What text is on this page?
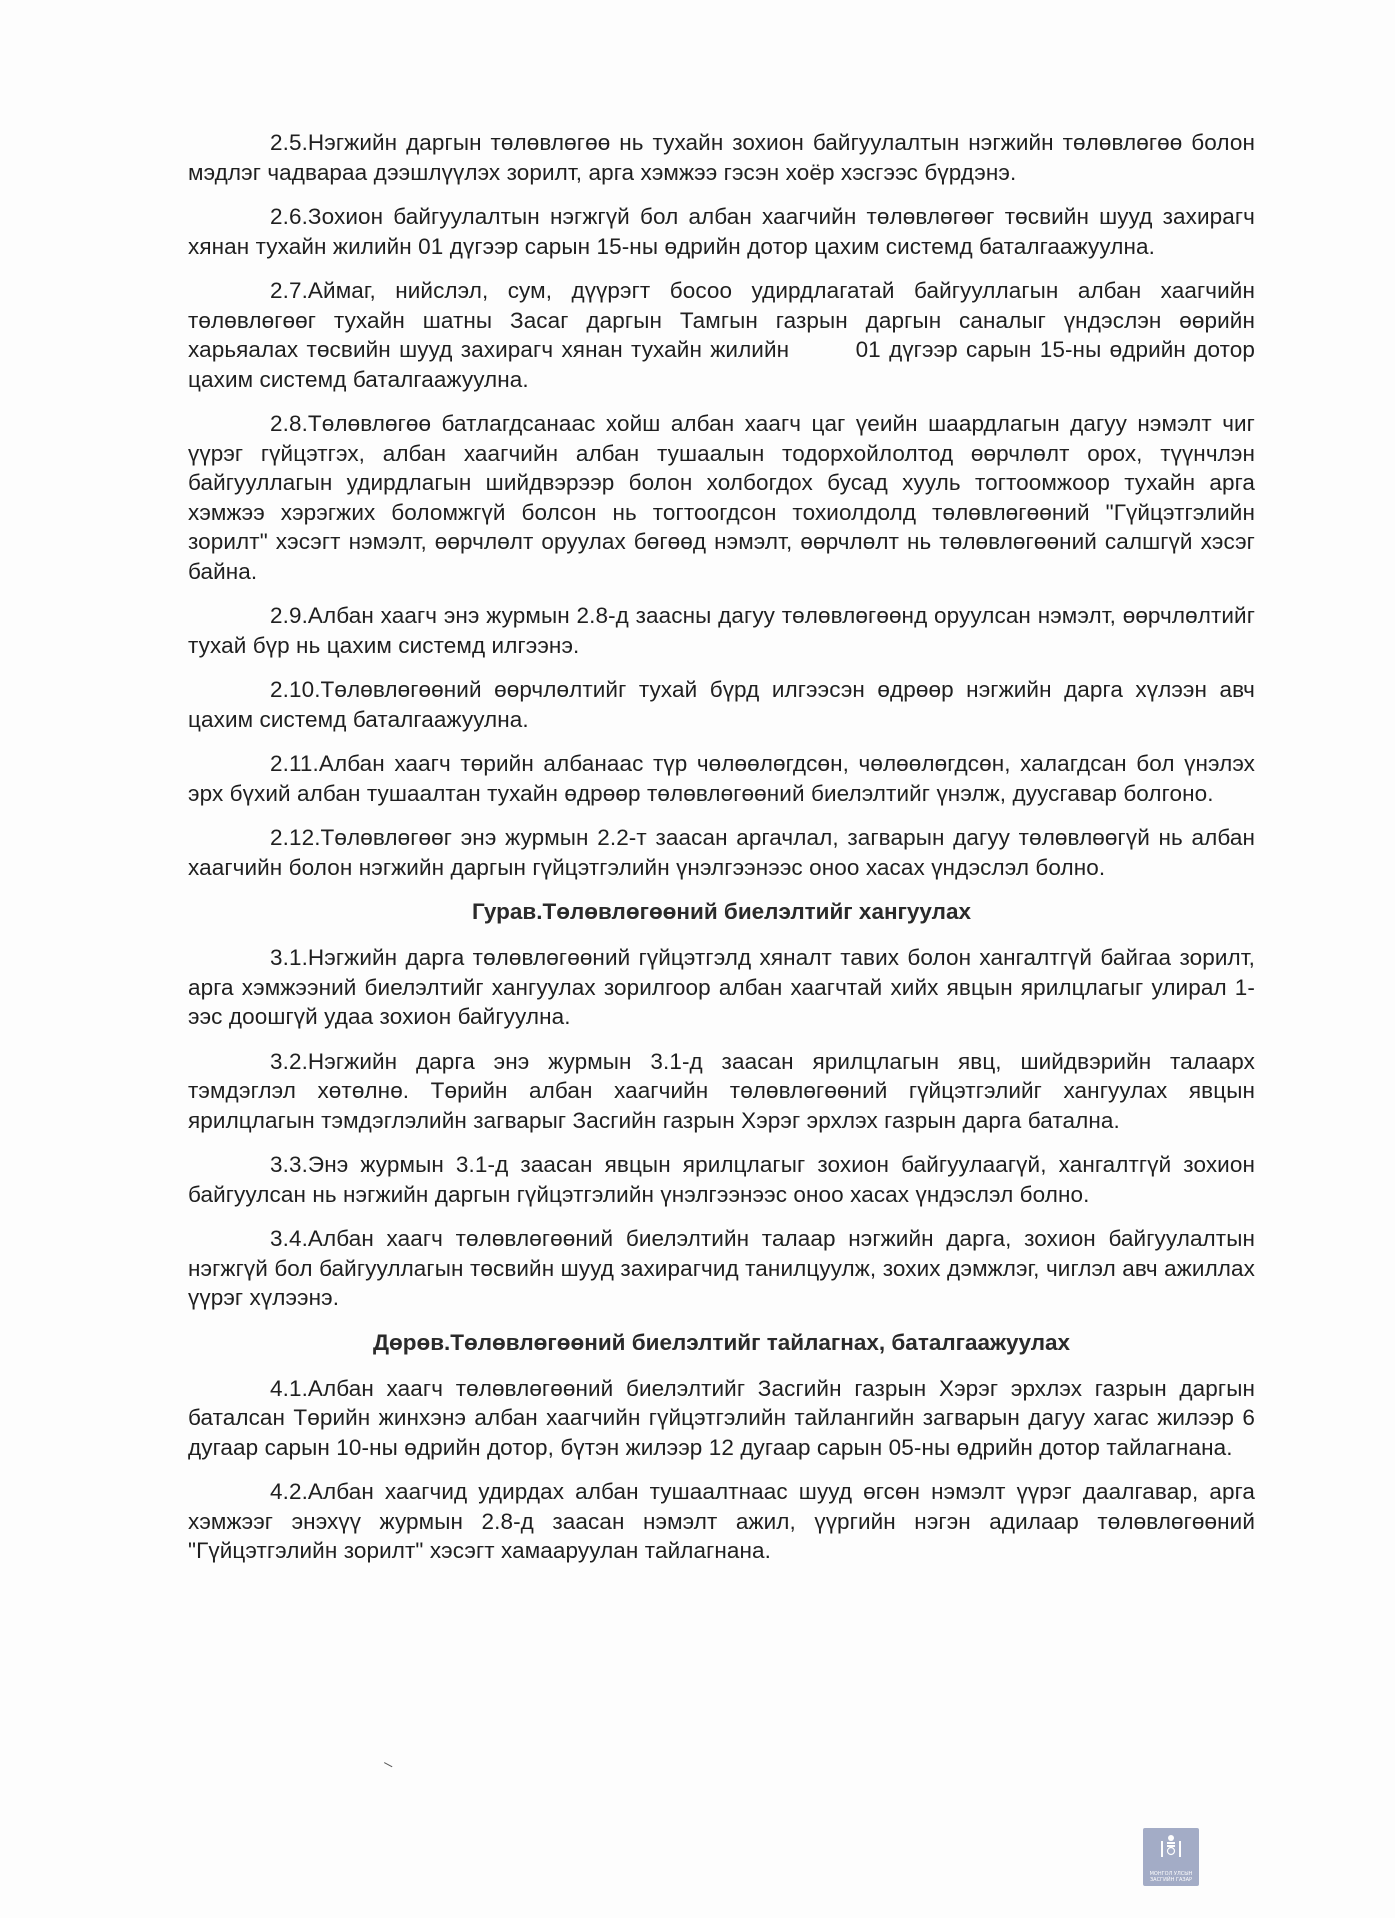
2.5.Нэгжийн даргын төлөвлөгөө нь тухайн зохион байгуулалтын нэгжийн төлөвлөгөө болон мэдлэг чадвараа дээшлүүлэх зорилт, арга хэмжээ гэсэн хоёр хэсгээс бүрдэнэ.

2.6.Зохион байгуулалтын нэгжгүй бол албан хаагчийн төлөвлөгөөг төсвийн шууд захирагч хянан тухайн жилийн 01 дүгээр сарын 15-ны өдрийн дотор цахим системд баталгаажуулна.

2.7.Аймаг, нийслэл, сум, дүүрэгт босоо удирдлагатай байгууллагын албан хаагчийн төлөвлөгөөг тухайн шатны Засаг даргын Тамгын газрын даргын саналыг үндэслэн өөрийн харьяалах төсвийн шууд захирагч хянан тухайн жилийн        01 дүгээр сарын 15-ны өдрийн дотор цахим системд баталгаажуулна.

2.8.Төлөвлөгөө батлагдсанаас хойш албан хаагч цаг үеийн шаардлагын дагуу нэмэлт чиг үүрэг гүйцэтгэх, албан хаагчийн албан тушаалын тодорхойлолтод өөрчлөлт орох, түүнчлэн байгууллагын удирдлагын шийдвэрээр болон холбогдох бусад хууль тогтоомжоор тухайн арга хэмжээ хэрэгжих боломжгүй болсон нь тогтоогдсон тохиолдолд төлөвлөгөөний "Гүйцэтгэлийн зорилт" хэсэгт нэмэлт, өөрчлөлт оруулах бөгөөд нэмэлт, өөрчлөлт нь төлөвлөгөөний салшгүй хэсэг байна.

2.9.Албан хаагч энэ журмын 2.8-д заасны дагуу төлөвлөгөөнд оруулсан нэмэлт, өөрчлөлтийг тухай бүр нь цахим системд илгээнэ.

2.10.Төлөвлөгөөний өөрчлөлтийг тухай бүрд илгээсэн өдрөөр нэгжийн дарга хүлээн авч цахим системд баталгаажуулна.

2.11.Албан хаагч төрийн албанаас түр чөлөөлөгдсөн, чөлөөлөгдсөн, халагдсан бол үнэлэх эрх бүхий албан тушаалтан тухайн өдрөөр төлөвлөгөөний биелэлтийг үнэлж, дуусгавар болгоно.

2.12.Төлөвлөгөөг энэ журмын 2.2-т заасан аргачлал, загварын дагуу төлөвлөөгүй нь албан хаагчийн болон нэгжийн даргын гүйцэтгэлийн үнэлгээнээс оноо хасах үндэслэл болно.

Гурав.Төлөвлөгөөний биелэлтийг хангуулах

3.1.Нэгжийн дарга төлөвлөгөөний гүйцэтгэлд хяналт тавих болон хангалтгүй байгаа зорилт, арга хэмжээний биелэлтийг хангуулах зорилгоор албан хаагчтай хийх явцын ярилцлагыг улирал 1-ээс доошгүй удаа зохион байгуулна.

3.2.Нэгжийн дарга энэ журмын 3.1-д заасан ярилцлагын явц, шийдвэрийн талаарх тэмдэглэл хөтөлнө. Төрийн албан хаагчийн төлөвлөгөөний гүйцэтгэлийг хангуулах явцын ярилцлагын тэмдэглэлийн загварыг Засгийн газрын Хэрэг эрхлэх газрын дарга батална.

3.3.Энэ журмын 3.1-д заасан явцын ярилцлагыг зохион байгуулаагүй, хангалтгүй зохион байгуулсан нь нэгжийн даргын гүйцэтгэлийн үнэлгээнээс оноо хасах үндэслэл болно.

3.4.Албан хаагч төлөвлөгөөний биелэлтийн талаар нэгжийн дарга, зохион байгуулалтын нэгжгүй бол байгууллагын төсвийн шууд захирагчид танилцуулж, зохих дэмжлэг, чиглэл авч ажиллах үүрэг хүлээнэ.

Дөрөв.Төлөвлөгөөний биелэлтийг тайлагнах, баталгаажуулах

4.1.Албан хаагч төлөвлөгөөний биелэлтийг Засгийн газрын Хэрэг эрхлэх газрын даргын баталсан Төрийн жинхэнэ албан хаагчийн гүйцэтгэлийн тайлангийн загварын дагуу хагас жилээр 6 дугаар сарын 10-ны өдрийн дотор, бүтэн жилээр 12 дугаар сарын 05-ны өдрийн дотор тайлагнана.

4.2.Албан хаагчид удирдах албан тушаалтнаас шууд өгсөн нэмэлт үүрэг даалгавар, арга хэмжээг энэхүү журмын 2.8-д заасан нэмэлт ажил, үүргийн нэгэн адилаар төлөвлөгөөний "Гүйцэтгэлийн зорилт" хэсэгт хамааруулан тайлагнана.

МОНГОЛ УЛСЫН
ЗАСГИЙН ГАЗАР
